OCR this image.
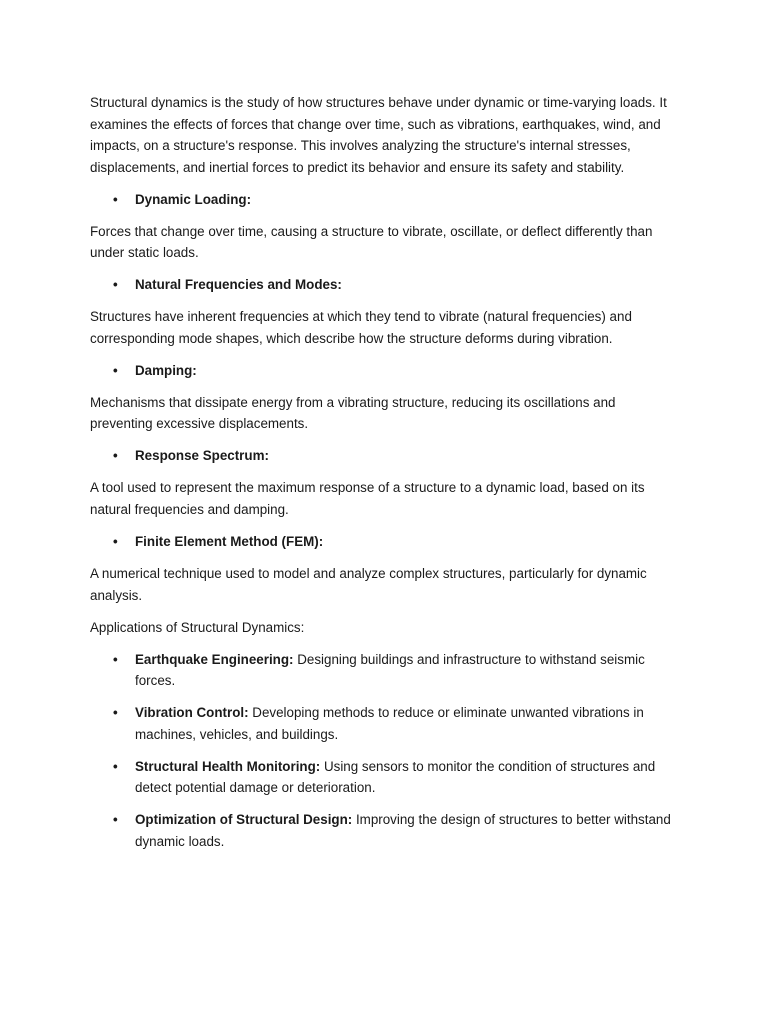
Structural dynamics is the study of how structures behave under dynamic or time-varying loads. It examines the effects of forces that change over time, such as vibrations, earthquakes, wind, and impacts, on a structure's response. This involves analyzing the structure's internal stresses, displacements, and inertial forces to predict its behavior and ensure its safety and stability.

• Dynamic Loading:

Forces that change over time, causing a structure to vibrate, oscillate, or deflect differently than under static loads.

• Natural Frequencies and Modes:

Structures have inherent frequencies at which they tend to vibrate (natural frequencies) and corresponding mode shapes, which describe how the structure deforms during vibration.

• Damping:

Mechanisms that dissipate energy from a vibrating structure, reducing its oscillations and preventing excessive displacements.

• Response Spectrum:

A tool used to represent the maximum response of a structure to a dynamic load, based on its natural frequencies and damping.

• Finite Element Method (FEM):

A numerical technique used to model and analyze complex structures, particularly for dynamic analysis.

Applications of Structural Dynamics:

• Earthquake Engineering: Designing buildings and infrastructure to withstand seismic forces.
• Vibration Control: Developing methods to reduce or eliminate unwanted vibrations in machines, vehicles, and buildings.
• Structural Health Monitoring: Using sensors to monitor the condition of structures and detect potential damage or deterioration.
• Optimization of Structural Design: Improving the design of structures to better withstand dynamic loads.
